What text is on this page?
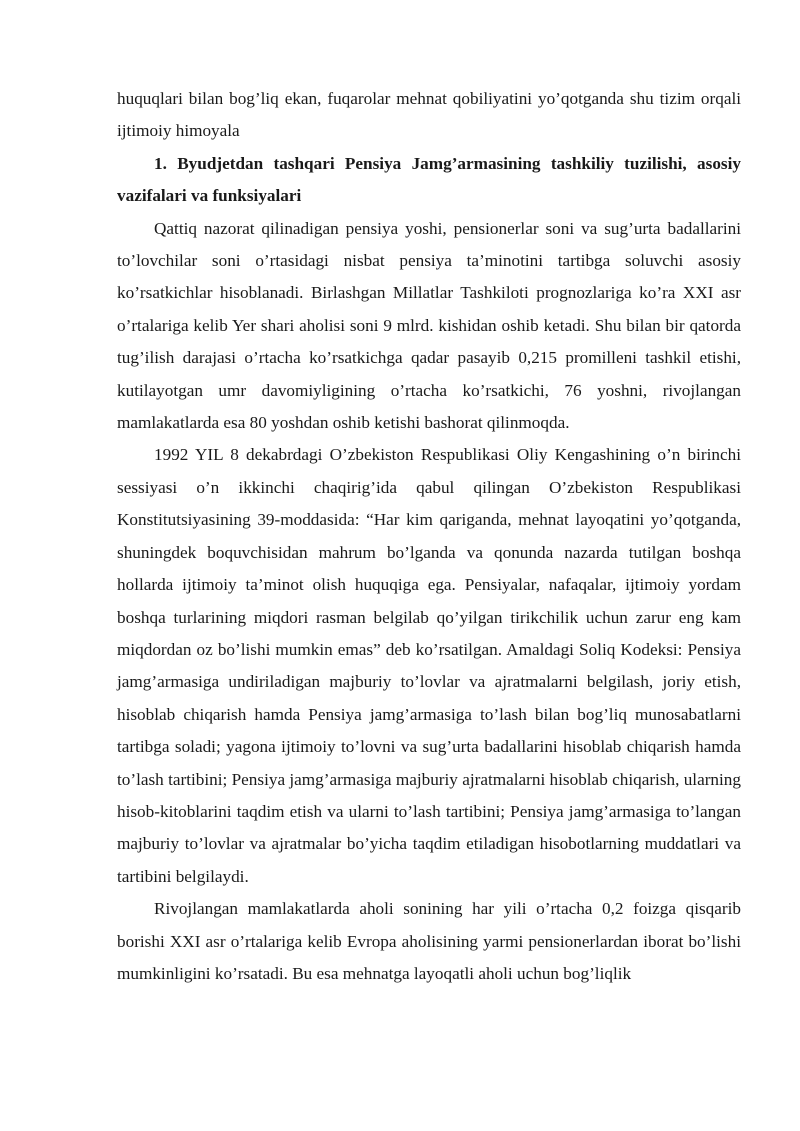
huquqlari bilan bog’liq ekan, fuqarolar mehnat qobiliyatini yo’qotganda shu tizim orqali ijtimoiy himoyala

1. Byudjetdan tashqari Pensiya Jamg’armasining tashkiliy tuzilishi, asosiy vazifalari va funksiyalari

Qattiq nazorat qilinadigan pensiya yoshi, pensionerlar soni va sug’urta badallarini to’lovchilar soni o’rtasidagi nisbat pensiya ta’minotini tartibga soluvchi asosiy ko’rsatkichlar hisoblanadi. Birlashgan Millatlar Tashkiloti prognozlariga ko’ra XXI asr o’rtalariga kelib Yer shari aholisi soni 9 mlrd. kishidan oshib ketadi. Shu bilan bir qatorda tug’ilish darajasi o’rtacha ko’rsatkichga qadar pasayib 0,215 promilleni tashkil etishi, kutilayotgan umr davomiyligining o’rtacha ko’rsatkichi, 76 yoshni, rivojlangan mamlakatlarda esa 80 yoshdan oshib ketishi bashorat qilinmoqda.

1992 YIL 8 dekabrdagi O’zbekiston Respublikasi Oliy Kengashining o’n birinchi sessiyasi o’n ikkinchi chaqirig’ida qabul qilingan O’zbekiston Respublikasi Konstitutsiyasining 39-moddasida: “Har kim qariganda, mehnat layoqatini yo’qotganda, shuningdek boquvchisidan mahrum bo’lganda va qonunda nazarda tutilgan boshqa hollarda ijtimoiy ta’minot olish huquqiga ega. Pensiyalar, nafaqalar, ijtimoiy yordam boshqa turlarining miqdori rasman belgilab qo’yilgan tirikchilik uchun zarur eng kam miqdordan oz bo’lishi mumkin emas” deb ko’rsatilgan. Amaldagi Soliq Kodeksi: Pensiya jamg’armasiga undiriladigan majburiy to’lovlar va ajratmalarni belgilash, joriy etish, hisoblab chiqarish hamda Pensiya jamg’armasiga to’lash bilan bog’liq munosabatlarni tartibga soladi; yagona ijtimoiy to’lovni va sug’urta badallarini hisoblab chiqarish hamda to’lash tartibini; Pensiya jamg’armasiga majburiy ajratmalarni hisoblab chiqarish, ularning hisob-kitoblarini taqdim etish va ularni to’lash tartibini; Pensiya jamg’armasiga to’langan majburiy to’lovlar va ajratmalar bo’yicha taqdim etiladigan hisobotlarning muddatlari va tartibini belgilaydi.

Rivojlangan mamlakatlarda aholi sonining har yili o’rtacha 0,2 foizga qisqarib borishi XXI asr o’rtalariga kelib Evropa aholisining yarmi pensionerlardan iborat bo’lishi mumkinligini ko’rsatadi. Bu esa mehnatga layoqatli aholi uchun bog’liqlik
